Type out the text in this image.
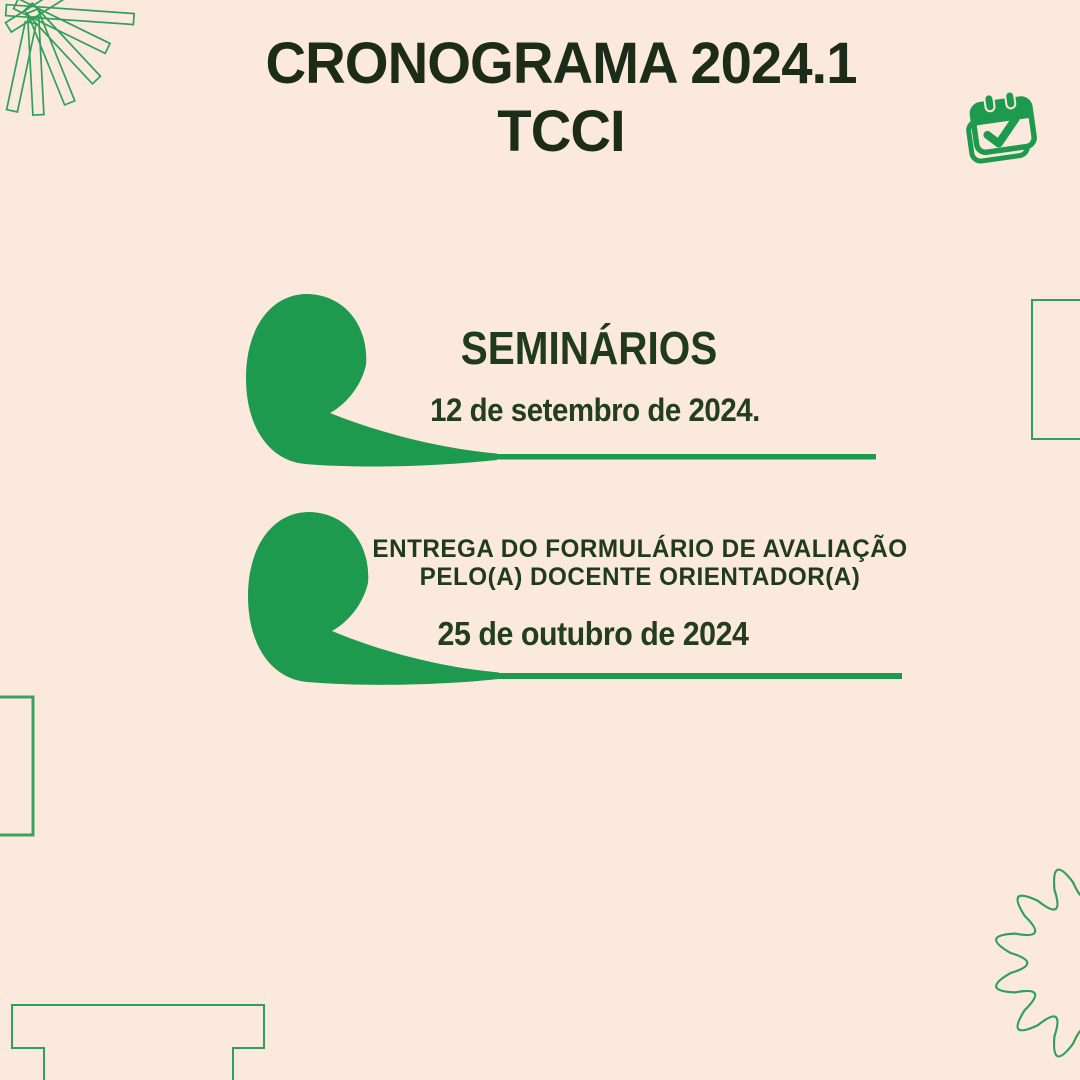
CRONOGRAMA 2024.1
TCCI
SEMINÁRIOS
12 de setembro de 2024.
ENTREGA DO FORMULÁRIO DE AVALIAÇÃO
PELO(A) DOCENTE ORIENTADOR(A)
25 de outubro de 2024
